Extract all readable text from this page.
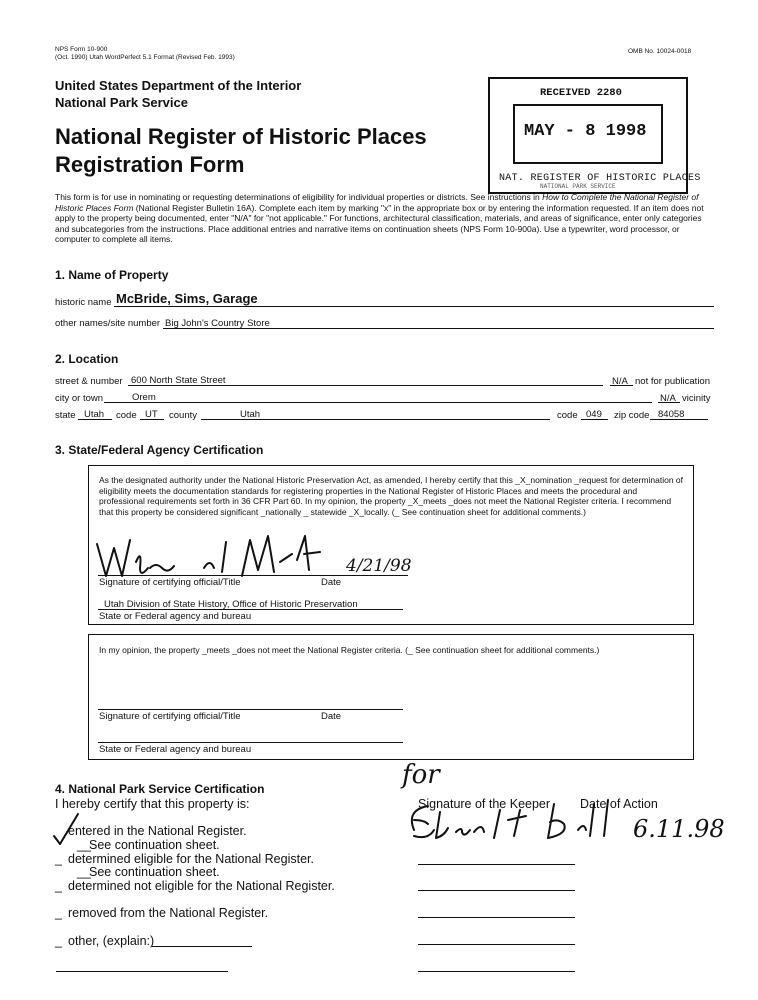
NPS Form 10-900
(Oct. 1990) Utah WordPerfect 5.1 Format (Revised Feb. 1993)
OMB No. 10024-0018
United States Department of the Interior
National Park Service
National Register of Historic Places
Registration Form
RECEIVED 2280
MAY - 8 1998
NAT. REGISTER OF HISTORIC PLACES
NATIONAL PARK SERVICE
This form is for use in nominating or requesting determinations of eligibility for individual properties or districts. See instructions in How to Complete the National Register of Historic Places Form (National Register Bulletin 16A). Complete each item by marking "x" in the appropriate box or by entering the information requested. If an item does not apply to the property being documented, enter "N/A" for "not applicable." For functions, architectural classification, materials, and areas of significance, enter only categories and subcategories from the instructions. Place additional entries and narrative items on continuation sheets (NPS Form 10-900a). Use a typewriter, word processor, or computer to complete all items.
1. Name of Property
historic name McBride, Sims, Garage
other names/site number Big John's Country Store
2. Location
street & number 600 North State Street	N/A not for publication
city or town	Orem	N/A vicinity
state Utah code UT county	Utah	code 049 zip code 84058
3. State/Federal Agency Certification
As the designated authority under the National Historic Preservation Act, as amended, I hereby certify that this _X_nomination _request for determination of eligibility meets the documentation standards for registering properties in the National Register of Historic Places and meets the procedural and professional requirements set forth in 36 CFR Part 60. In my opinion, the property _X_meets _does not meet the National Register criteria. I recommend that this property be considered significant _nationally _ statewide _X_locally. (_ See continuation sheet for additional comments.)
4/21/98
Signature of certifying official/Title	Date
Utah Division of State History, Office of Historic Preservation
State or Federal agency and bureau
In my opinion, the property _meets _does not meet the National Register criteria. (_ See continuation sheet for additional comments.)
Signature of certifying official/Title	Date
State or Federal agency and bureau
4. National Park Service Certification
I hereby certify that this property is:
for
Signature of the Keeper Date of Action
6.11.98
entered in the National Register.

__
See continuation sheet.
_ determined eligible for the National Register.
__
See continuation sheet.
_ determined not eligible for the National Register.
_ removed from the National Register.
_ other, (explain:)
